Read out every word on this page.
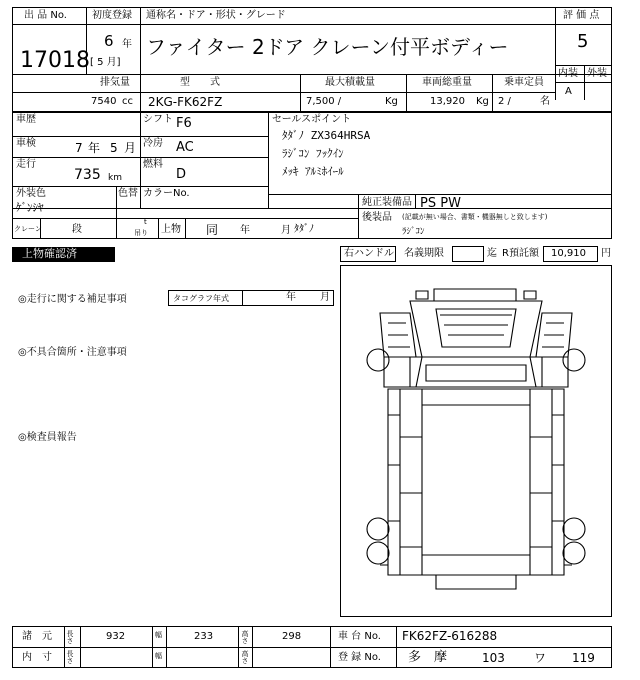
出 品 No.
17018
初度登録
6 年
[ 5 月]
通称名・ドア・形状・グレード
ファイター 2ドア クレーン付平ボディー
評 価 点
5
内装 外装
A
排気量
7540 cc
型　　式
2KG-FK62FZ
最大積載量
7,500 /	Kg
車両総重量
13,920 Kg
乗車定員
2 /	名
車歴
車検	7 年 5 月
走行
735 km
シフト F6
冷房 AC
燃料
D
セールスポイント
ﾀﾀﾞﾉ ZX364HRSA
ﾗｼﾞｺﾝ ﾌｯｸｲﾝ
ﾒｯｷ ｱﾙﾐﾎｲｰﾙ
外装色
ｹﾞﾝｼﾔ
色替 カラーNo.
純正装備品 PS PW
後装品 (記載が無い場合、書類・機器無しと致します)
ﾗｼﾞｺﾝ
クレーン	段
t
吊り 上物 同 年	月 ﾀﾀﾞﾉ
上物確認済	右ハンドル 名義期限	迄 R預託額 10,910 円
◎走行に関する補足事項	タコグラフ年式	年 月
◎不具合箇所・注意事項
◎検査員報告
諸　元 長さ	932	幅	233	高さ	298	車 台 No. FK62FZ-616288
内　寸 長さ	幅	高さ	登 録 No. 多　摩	103 ワ 119
